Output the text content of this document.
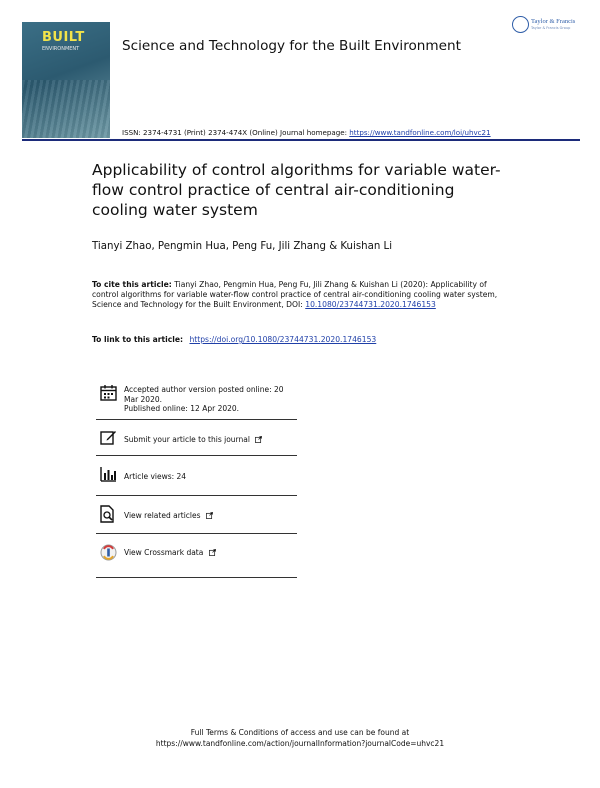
BUILT
ENVIRONMENT	Science and Technology for the Built Environment
Taylor & Francis
Taylor & Francis Group
ISSN: 2374-4731 (Print) 2374-474X (Online) Journal homepage: https://www.tandfonline.com/loi/uhvc21
Applicability of control algorithms for variable water-flow control practice of central air-conditioning cooling water system
Tianyi Zhao, Pengmin Hua, Peng Fu, Jili Zhang & Kuishan Li
To cite this article: Tianyi Zhao, Pengmin Hua, Peng Fu, Jili Zhang & Kuishan Li (2020): Applicability of control algorithms for variable water-flow control practice of central air-conditioning cooling water system, Science and Technology for the Built Environment, DOI: 10.1080/23744731.2020.1746153
To link to this article: https://doi.org/10.1080/23744731.2020.1746153
Accepted author version posted online: 20 Mar 2020.
Published online: 12 Apr 2020.
Submit your article to this journal
Article views: 24
View related articles
View Crossmark data
Full Terms & Conditions of access and use can be found at
https://www.tandfonline.com/action/journalInformation?journalCode=uhvc21
